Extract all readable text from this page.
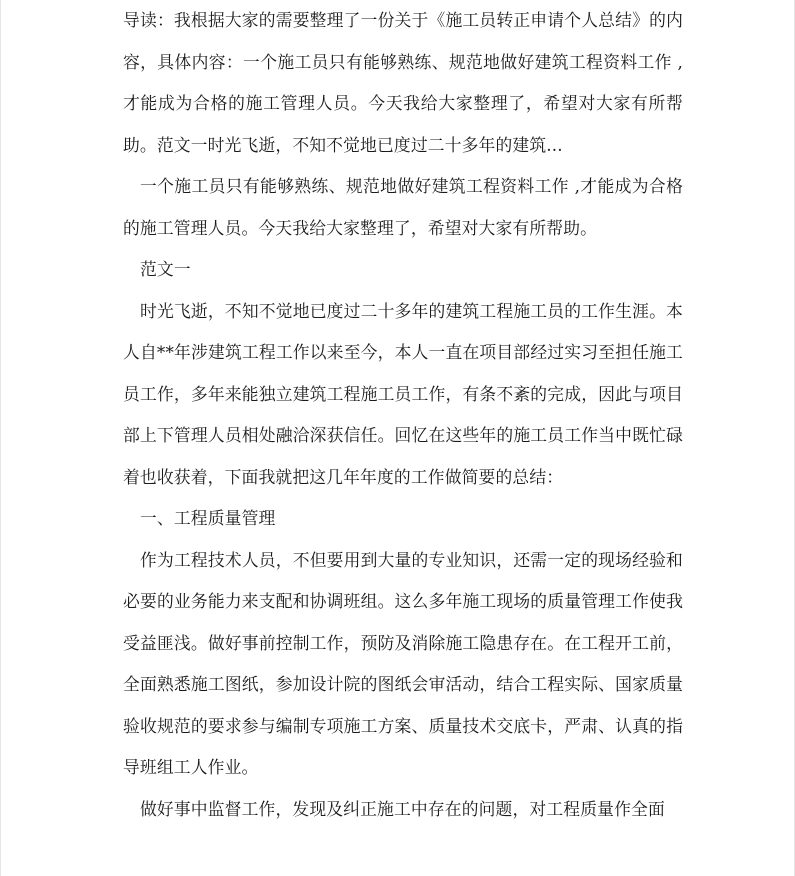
导读：我根据大家的需要整理了一份关于《施工员转正申请个人总结》的内容，具体内容：一个施工员只有能够熟练、规范地做好建筑工程资料工作 ,才能成为合格的施工管理人员。今天我给大家整理了，希望对大家有所帮助。范文一时光飞逝，不知不觉地已度过二十多年的建筑...

一个施工员只有能够熟练、规范地做好建筑工程资料工作 ,才能成为合格的施工管理人员。今天我给大家整理了，希望对大家有所帮助。

范文一

时光飞逝，不知不觉地已度过二十多年的建筑工程施工员的工作生涯。本人自**年涉建筑工程工作以来至今，本人一直在项目部经过实习至担任施工员工作，多年来能独立建筑工程施工员工作，有条不紊的完成，因此与项目部上下管理人员相处融洽深获信任。回忆在这些年的施工员工作当中既忙碌着也收获着，下面我就把这几年年度的工作做简要的总结：

一、工程质量管理

作为工程技术人员，不但要用到大量的专业知识，还需一定的现场经验和必要的业务能力来支配和协调班组。这么多年施工现场的质量管理工作使我受益匪浅。做好事前控制工作，预防及消除施工隐患存在。在工程开工前，全面熟悉施工图纸，参加设计院的图纸会审活动，结合工程实际、国家质量验收规范的要求参与编制专项施工方案、质量技术交底卡，严肃、认真的指导班组工人作业。

做好事中监督工作，发现及纠正施工中存在的问题，对工程质量作全面
